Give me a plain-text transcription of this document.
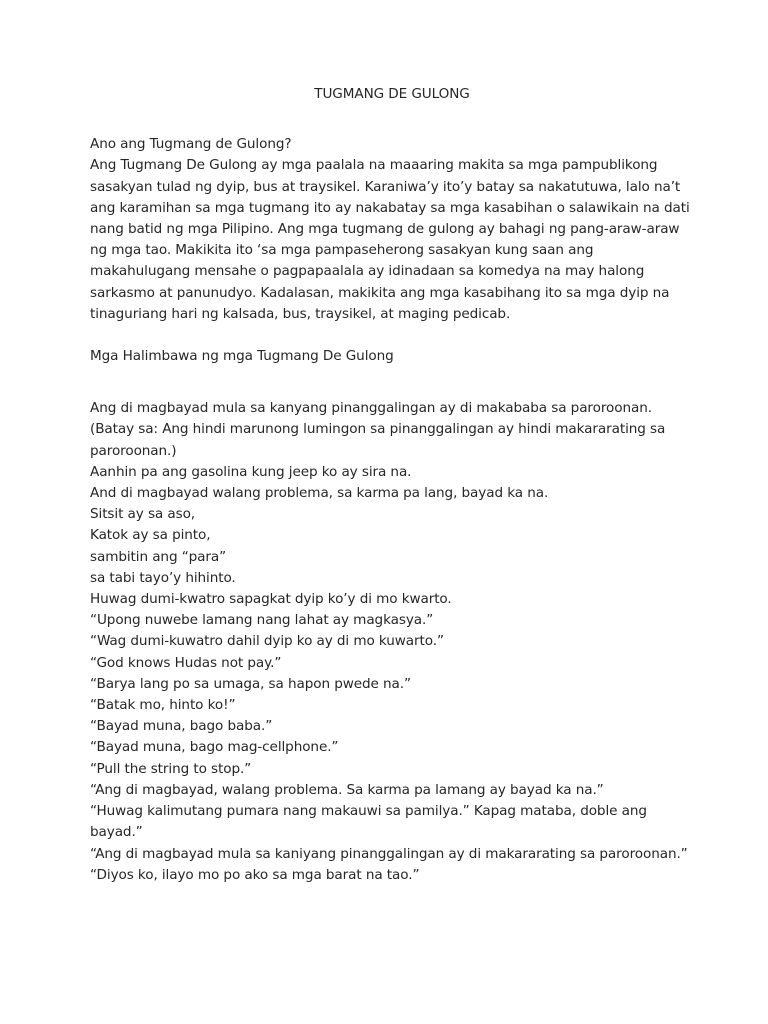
TUGMANG DE GULONG

Ano ang Tugmang de Gulong?

Ang Tugmang De Gulong ay mga paalala na maaaring makita sa mga pampublikong sasakyan tulad ng dyip, bus at traysikel. Karaniwa’y ito’y batay sa nakatutuwa, lalo na’t ang karamihan sa mga tugmang ito ay nakabatay sa mga kasabihan o salawikain na dati nang batid ng mga Pilipino. Ang mga tugmang de gulong ay bahagi ng pang-araw-araw ng mga tao. Makikita ito ‘sa mga pampaseherong sasakyan kung saan ang makahulugang mensahe o pagpapaalala ay idinadaan sa komedya na may halong sarkasmo at panunudyo. Kadalasan, makikita ang mga kasabihang ito sa mga dyip na tinaguriang hari ng kalsada, bus, traysikel, at maging pedicab.

Mga Halimbawa ng mga Tugmang De Gulong

Ang di magbayad mula sa kanyang pinanggalingan ay di makababa sa paroroonan. (Batay sa: Ang hindi marunong lumingon sa pinanggalingan ay hindi makararating sa paroroonan.)

Aanhin pa ang gasolina kung jeep ko ay sira na.

And di magbayad walang problema, sa karma pa lang, bayad ka na.

Sitsit ay sa aso,

Katok ay sa pinto,

sambitin ang “para”

sa tabi tayo’y hihinto.

Huwag dumi-kwatro sapagkat dyip ko’y di mo kwarto.

“Upong nuwebe lamang nang lahat ay magkasya.”

“Wag dumi-kuwatro dahil dyip ko ay di mo kuwarto.”

“God knows Hudas not pay.”

“Barya lang po sa umaga, sa hapon pwede na.”

“Batak mo, hinto ko!”

“Bayad muna, bago baba.”

“Bayad muna, bago mag-cellphone.”

“Pull the string to stop.”

“Ang di magbayad, walang problema. Sa karma pa lamang ay bayad ka na.”

“Huwag kalimutang pumara nang makauwi sa pamilya.” Kapag mataba, doble ang bayad.”

“Ang di magbayad mula sa kaniyang pinanggalingan ay di makararating sa paroroonan.”

“Diyos ko, ilayo mo po ako sa mga barat na tao.”
